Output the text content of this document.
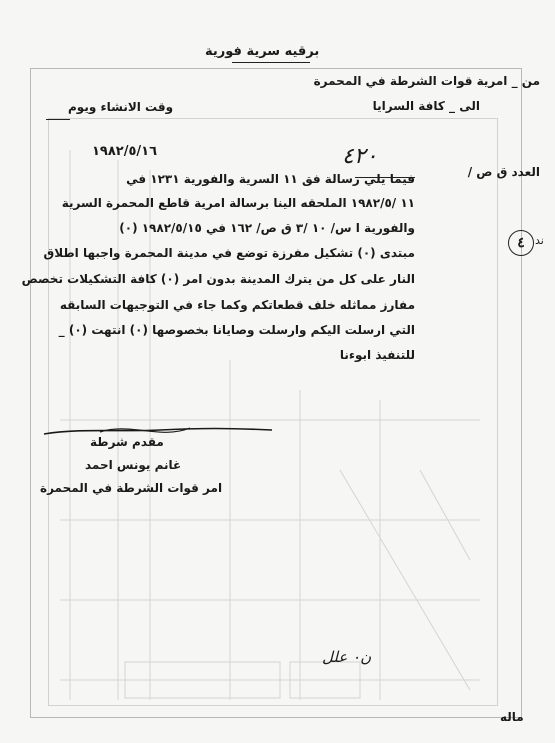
برقيه سرية فورية
من _ امرية قوات الشرطة في المحمرة
الى _ كافة السرايا
وقت الانشاء ويوم
١٩٨٢/٥/١٦
العدد ق ص /
٤٢٠
فيما يلي رسالة فق ١١ السرية والفورية ١٢٣١ في
١١ /١٩٨٢/٥ الملحقه الينا برسالة امرية قاطع المحمرة السرية
والفورية ا س/ ١٠ /٣ ق ص/ ١٦٢ في ١٩٨٢/٥/١٥ (٠)
مبتدى (٠) تشكيل مفرزة توضع في مدينة المحمرة واجبها اطلاق
النار على كل من يترك المدينة بدون امر (٠) كافة التشكيلات تخصص
مفارز مماثله خلف قطعاتكم وكما جاء في التوجيهات السابقه
التي ارسلت اليكم وارسلت وصايانا بخصوصها (٠) انتهت (٠) _
للتنفيذ ابوءنا
٤ ند
مقدم شرطة
غانم يونس احمد
امر قوات الشرطة في المحمرة
ن٠ علل
ماله
